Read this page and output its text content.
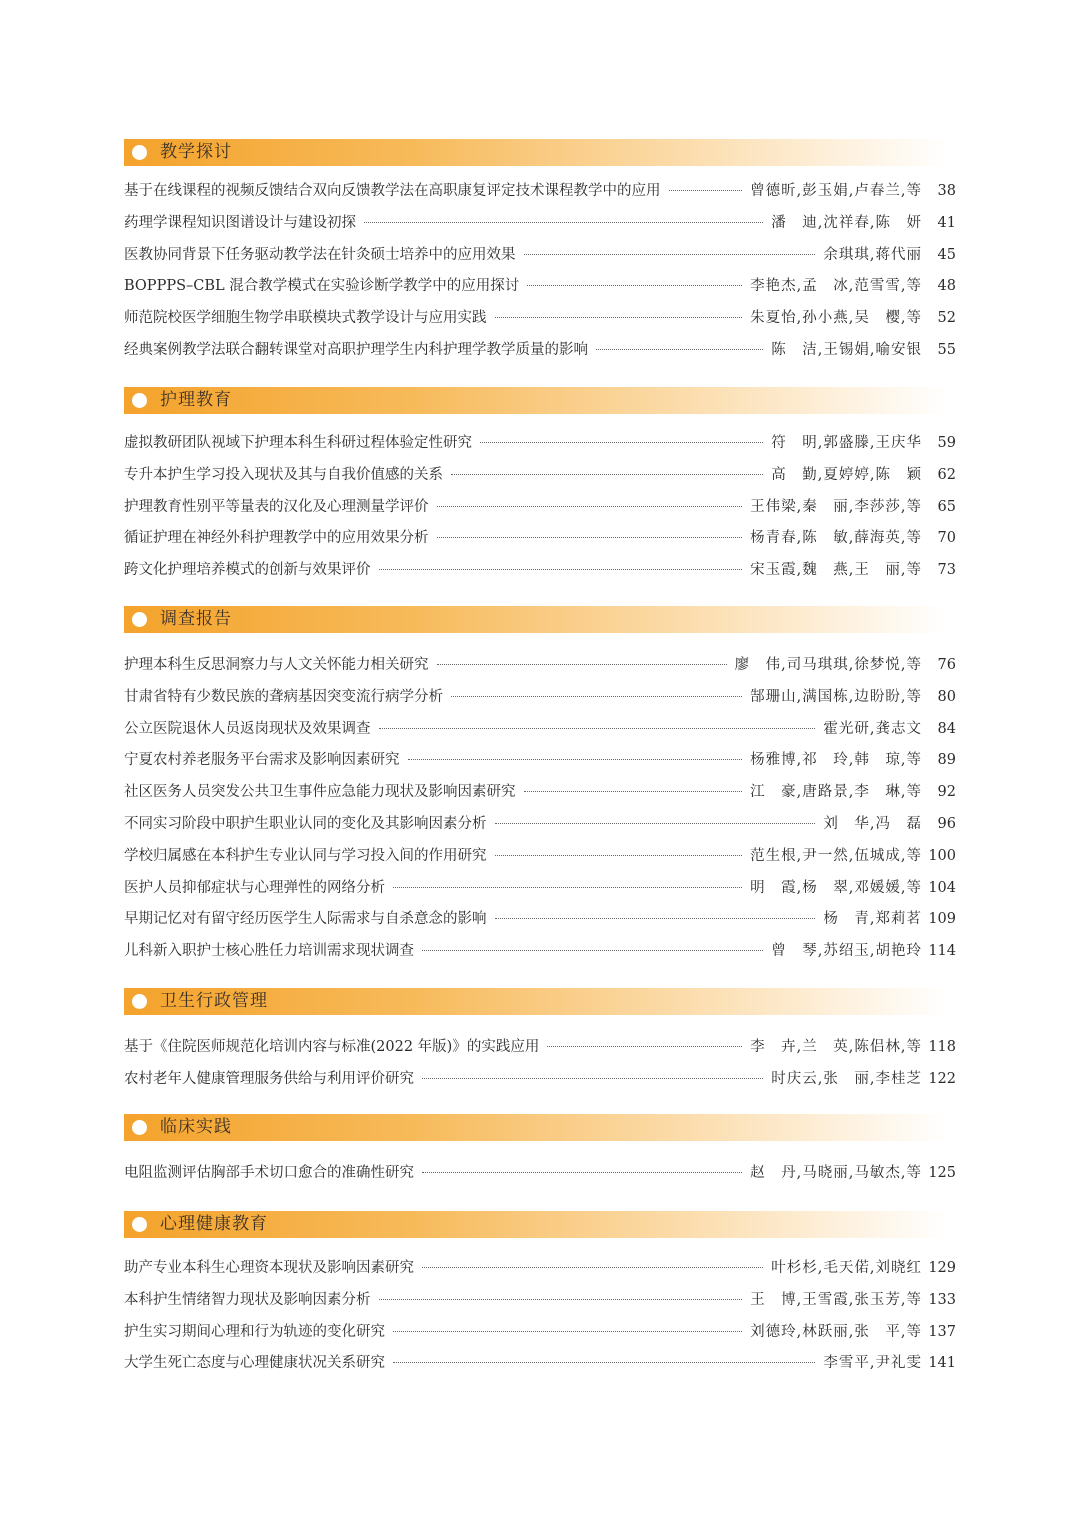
教学探讨
基于在线课程的视频反馈结合双向反馈教学法在高职康复评定技术课程教学中的应用	曾德昕,彭玉娟,卢春兰,等	38
药理学课程知识图谱设计与建设初探	潘　迪,沈祥春,陈　妍	41
医教协同背景下任务驱动教学法在针灸硕士培养中的应用效果	余琪琪,蒋代丽	45
BOPPPS–CBL 混合教学模式在实验诊断学教学中的应用探讨	李艳杰,孟　冰,范雪雪,等	48
师范院校医学细胞生物学串联模块式教学设计与应用实践	朱夏怡,孙小燕,吴　樱,等	52
经典案例教学法联合翻转课堂对高职护理学生内科护理学教学质量的影响	陈　洁,王锡娟,喻安银	55
护理教育
虚拟教研团队视域下护理本科生科研过程体验定性研究	符　明,郭盛滕,王庆华	59
专升本护生学习投入现状及其与自我价值感的关系	高　勤,夏婷婷,陈　颖	62
护理教育性别平等量表的汉化及心理测量学评价	王伟梁,秦　丽,李莎莎,等	65
循证护理在神经外科护理教学中的应用效果分析	杨青春,陈　敏,薛海英,等	70
跨文化护理培养模式的创新与效果评价	宋玉霞,魏　燕,王　丽,等	73
调查报告
护理本科生反思洞察力与人文关怀能力相关研究	廖　伟,司马琪琪,徐梦悦,等	76
甘肃省特有少数民族的聋病基因突变流行病学分析	郜珊山,满国栋,边盼盼,等	80
公立医院退休人员返岗现状及效果调查	霍光研,龚志文	84
宁夏农村养老服务平台需求及影响因素研究	杨雅博,祁　玲,韩　琼,等	89
社区医务人员突发公共卫生事件应急能力现状及影响因素研究	江　豪,唐路景,李　琳,等	92
不同实习阶段中职护生职业认同的变化及其影响因素分析	刘　华,冯　磊	96
学校归属感在本科护生专业认同与学习投入间的作用研究	范生根,尹一然,伍城成,等 100
医护人员抑郁症状与心理弹性的网络分析	明　霞,杨　翠,邓媛媛,等 104
早期记忆对有留守经历医学生人际需求与自杀意念的影响	杨　青,郑莉茗 109
儿科新入职护士核心胜任力培训需求现状调查	曾　琴,苏绍玉,胡艳玲 114
卫生行政管理
基于《住院医师规范化培训内容与标准(2022 年版)》的实践应用	李　卉,兰　英,陈侣林,等 118
农村老年人健康管理服务供给与利用评价研究	时庆云,张　丽,李桂芝 122
临床实践
电阻监测评估胸部手术切口愈合的准确性研究	赵　丹,马晓丽,马敏杰,等 125
心理健康教育
助产专业本科生心理资本现状及影响因素研究	叶杉杉,毛天偌,刘晓红 129
本科护生情绪智力现状及影响因素分析	王　博,王雪霞,张玉芳,等 133
护生实习期间心理和行为轨迹的变化研究	刘德玲,林跃丽,张　平,等 137
大学生死亡态度与心理健康状况关系研究	李雪平,尹礼雯 141
